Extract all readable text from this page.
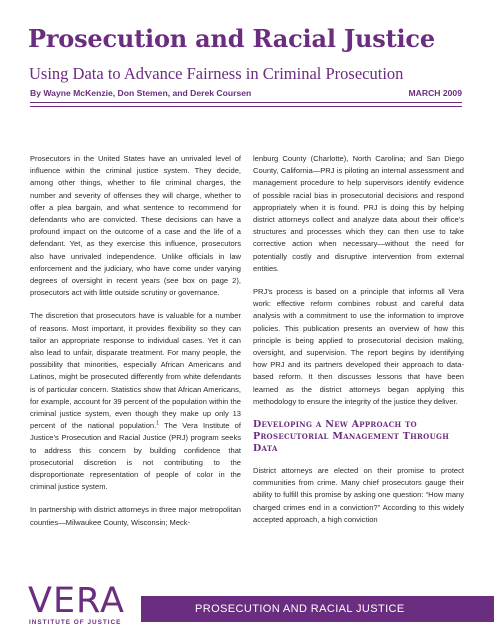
Prosecution and Racial Justice
Using Data to Advance Fairness in Criminal Prosecution
By Wayne McKenzie, Don Stemen, and Derek Coursen	MARCH 2009

Prosecutors in the United States have an unrivaled level of influence within the criminal justice system. They decide, among other things, whether to file criminal charges, the number and severity of offenses they will charge, whether to offer a plea bargain, and what sentence to recommend for defendants who are convicted. These decisions can have a profound impact on the outcome of a case and the life of a defendant. Yet, as they exercise this influence, prosecutors also have unrivaled independence. Unlike officials in law enforcement and the judiciary, who have come under varying degrees of oversight in recent years (see box on page 2), prosecutors act with little outside scrutiny or governance.

The discretion that prosecutors have is valuable for a number of reasons. Most important, it provides flexibility so they can tailor an appropriate response to individual cases. Yet it can also lead to unfair, disparate treatment. For many people, the possibility that minorities, especially African Americans and Latinos, might be prosecuted differently from white defendants is of particular concern. Statistics show that African Americans, for example, account for 39 percent of the population within the criminal justice system, even though they make up only 13 percent of the national population.$^1$ The Vera Institute of Justice’s Prosecution and Racial Justice (PRJ) program seeks to address this concern by building confidence that prosecutorial discretion is not contributing to the disproportionate representation of people of color in the criminal justice system.

In partnership with district attorneys in three major metropolitan counties—Milwaukee County, Wisconsin; Meck-

lenburg County (Charlotte), North Carolina; and San Diego County, California—PRJ is piloting an internal assessment and management procedure to help supervisors identify evidence of possible racial bias in prosecutorial decisions and respond appropriately when it is found. PRJ is doing this by helping district attorneys collect and analyze data about their office’s structures and processes which they can then use to take corrective action when necessary—without the need for potentially costly and disruptive intervention from external entities.

PRJ’s process is based on a principle that informs all Vera work: effective reform combines robust and careful data analysis with a commitment to use the information to improve policies. This publication presents an overview of how this principle is being applied to prosecutorial decision making, oversight, and supervision. The report begins by identifying how PRJ and its partners developed their approach to data-based reform. It then discusses lessons that have been learned as the district attorneys began applying this methodology to ensure the integrity of the justice they deliver.

Developing a New Approach to Prosecutorial Management Through Data

District attorneys are elected on their promise to protect communities from crime. Many chief prosecutors gauge their ability to fulfill this promise by asking one question: “How many charged crimes end in a conviction?” According to this widely accepted approach, a high conviction

VERA
INSTITUTE OF JUSTICE
PROSECUTION AND RACIAL JUSTICE
